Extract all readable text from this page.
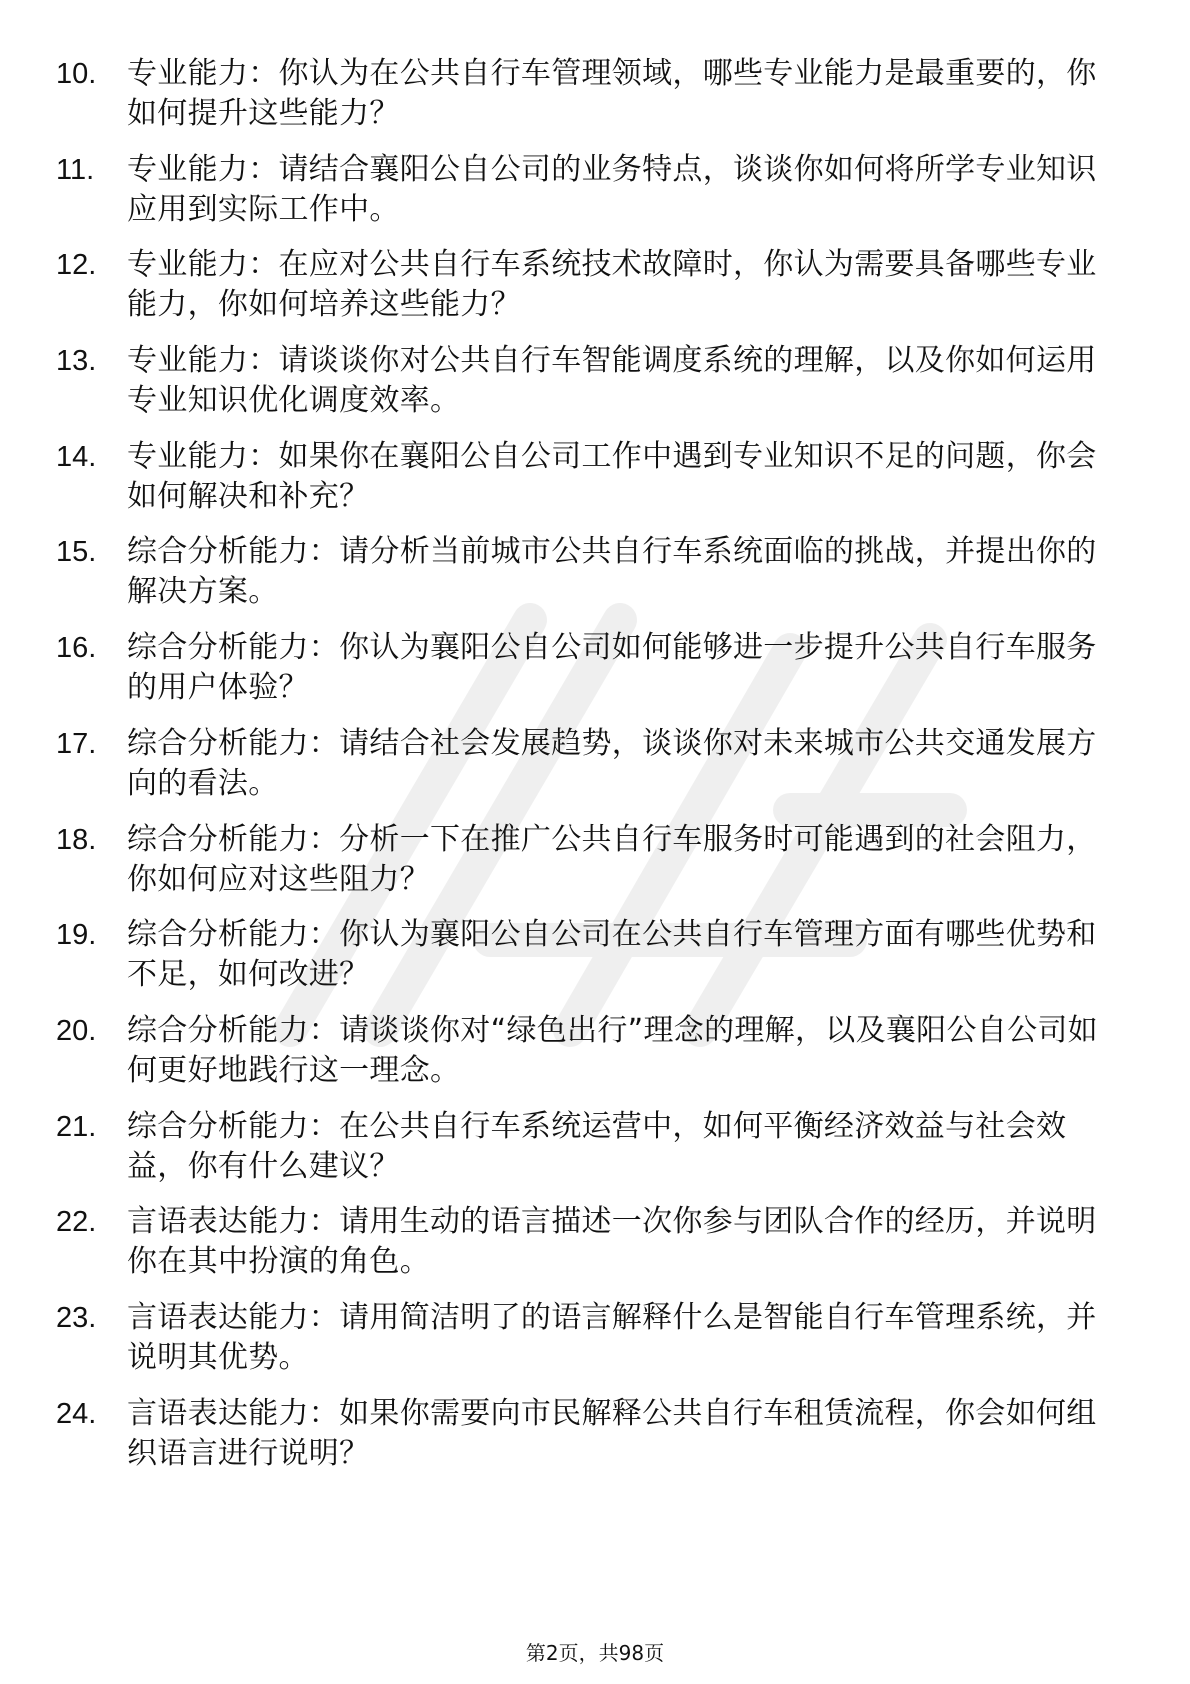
10.	专业能力：你认为在公共自行车管理领域，哪些专业能力是最重要的，你如何提升这些能力？
11.	专业能力：请结合襄阳公自公司的业务特点，谈谈你如何将所学专业知识应用到实际工作中。
12.	专业能力：在应对公共自行车系统技术故障时，你认为需要具备哪些专业能力，你如何培养这些能力？
13.	专业能力：请谈谈你对公共自行车智能调度系统的理解，以及你如何运用专业知识优化调度效率。
14.	专业能力：如果你在襄阳公自公司工作中遇到专业知识不足的问题，你会如何解决和补充？
15.	综合分析能力：请分析当前城市公共自行车系统面临的挑战，并提出你的解决方案。
16.	综合分析能力：你认为襄阳公自公司如何能够进一步提升公共自行车服务的用户体验？
17.	综合分析能力：请结合社会发展趋势，谈谈你对未来城市公共交通发展方向的看法。
18.	综合分析能力：分析一下在推广公共自行车服务时可能遇到的社会阻力，你如何应对这些阻力？
19.	综合分析能力：你认为襄阳公自公司在公共自行车管理方面有哪些优势和不足，如何改进？
20.	综合分析能力：请谈谈你对“绿色出行”理念的理解，以及襄阳公自公司如何更好地践行这一理念。
21.	综合分析能力：在公共自行车系统运营中，如何平衡经济效益与社会效益，你有什么建议？
22.	言语表达能力：请用生动的语言描述一次你参与团队合作的经历，并说明你在其中扮演的角色。
23.	言语表达能力：请用简洁明了的语言解释什么是智能自行车管理系统，并说明其优势。
24.	言语表达能力：如果你需要向市民解释公共自行车租赁流程，你会如何组织语言进行说明？
第2页，共98页
